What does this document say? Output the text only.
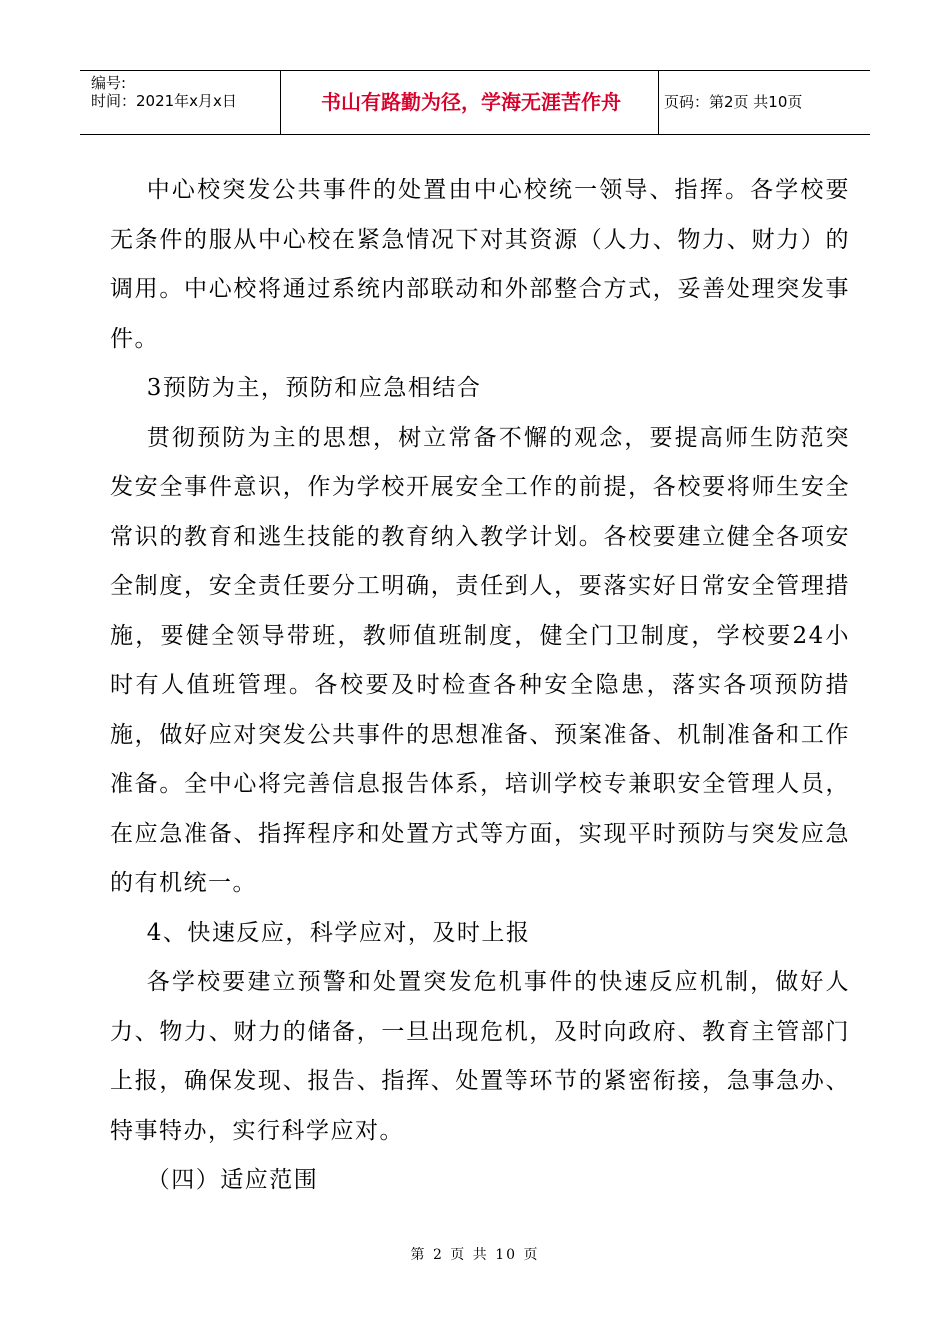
编号:
时间：2021年x月x日	书山有路勤为径，学海无涯苦作舟	页码：第2页 共10页

中心校突发公共事件的处置由中心校统一领导、指挥。各学校要无条件的服从中心校在紧急情况下对其资源（人力、物力、财力）的调用。中心校将通过系统内部联动和外部整合方式，妥善处理突发事件。

3预防为主，预防和应急相结合

贯彻预防为主的思想，树立常备不懈的观念，要提高师生防范突发安全事件意识，作为学校开展安全工作的前提，各校要将师生安全常识的教育和逃生技能的教育纳入教学计划。各校要建立健全各项安全制度，安全责任要分工明确，责任到人，要落实好日常安全管理措施，要健全领导带班，教师值班制度，健全门卫制度，学校要24小时有人值班管理。各校要及时检查各种安全隐患，落实各项预防措施，做好应对突发公共事件的思想准备、预案准备、机制准备和工作准备。全中心将完善信息报告体系，培训学校专兼职安全管理人员，在应急准备、指挥程序和处置方式等方面，实现平时预防与突发应急的有机统一。

4、快速反应，科学应对，及时上报

各学校要建立预警和处置突发危机事件的快速反应机制，做好人力、物力、财力的储备，一旦出现危机，及时向政府、教育主管部门上报，确保发现、报告、指挥、处置等环节的紧密衔接，急事急办、特事特办，实行科学应对。

（四）适应范围

第 2 页 共 10 页
